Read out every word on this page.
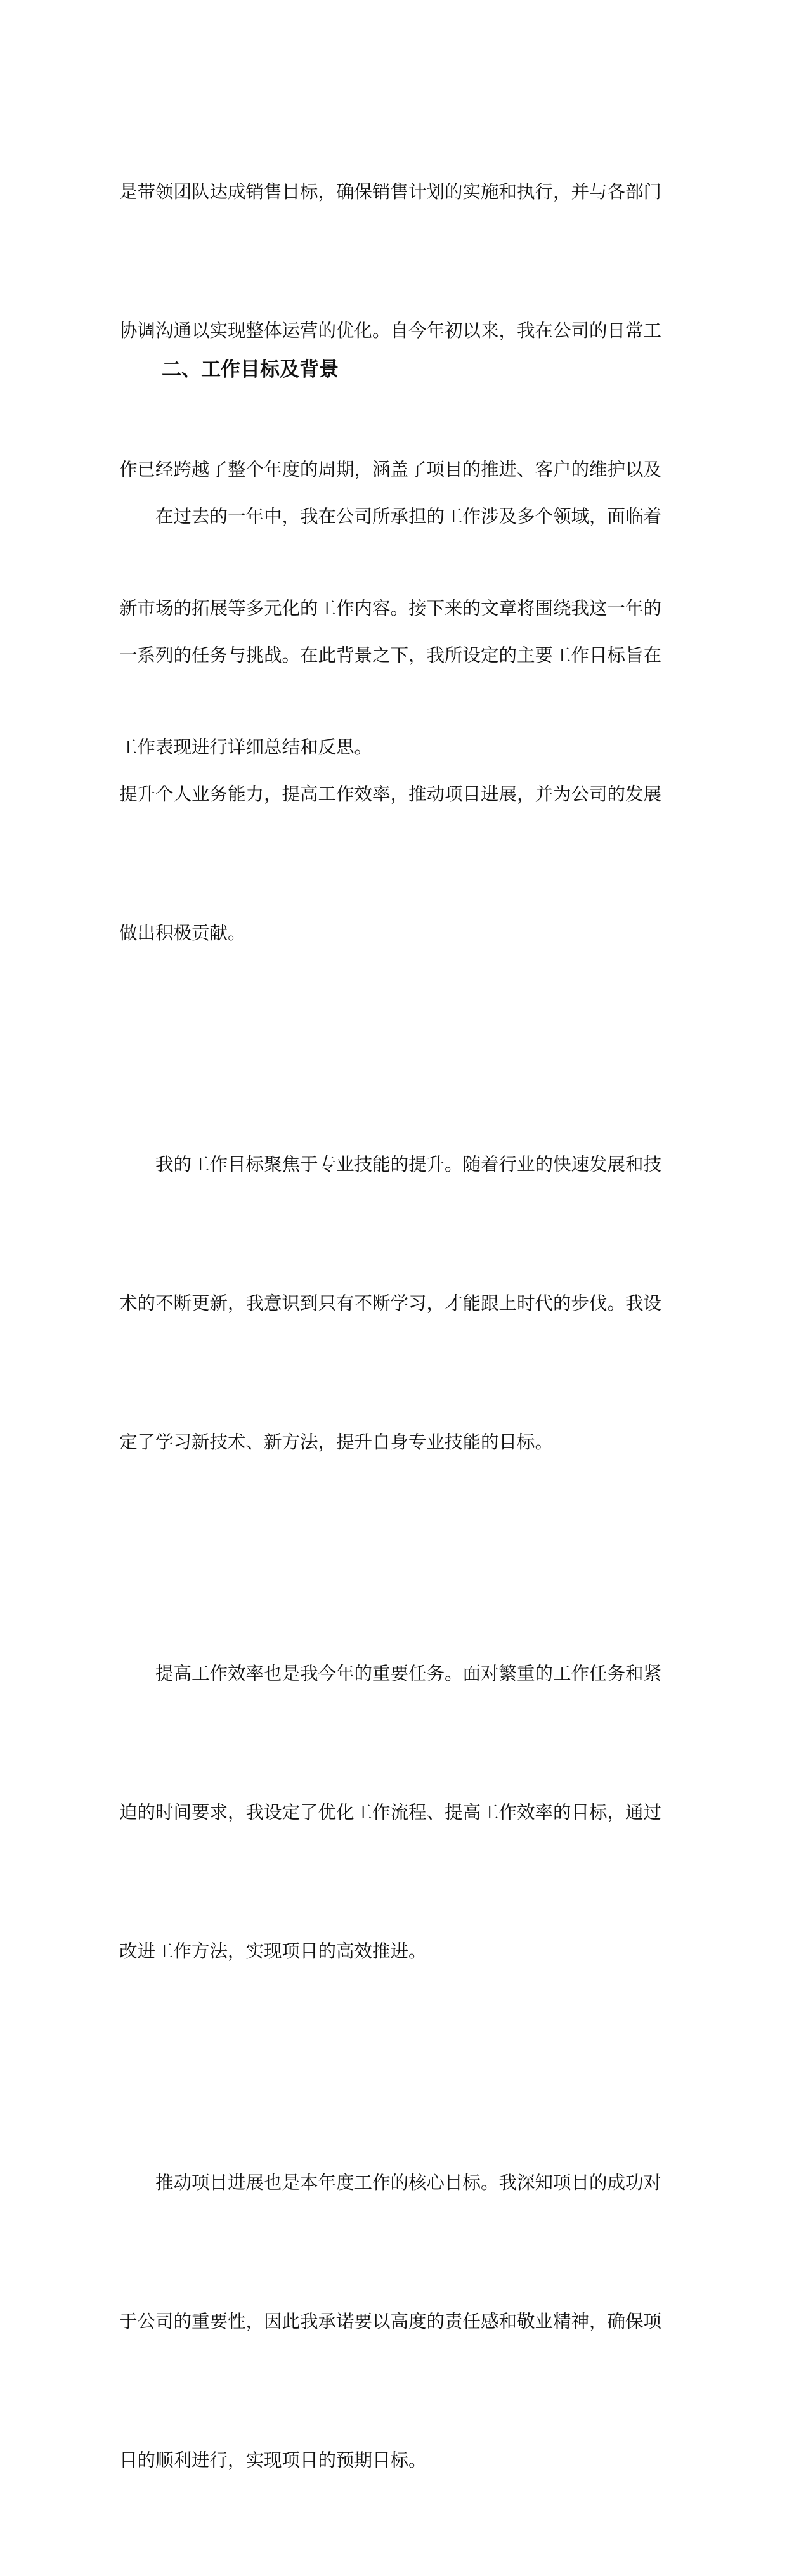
是带领团队达成销售目标，确保销售计划的实施和执行，并与各部门

协调沟通以实现整体运营的优化。自今年初以来，我在公司的日常工

作已经跨越了整个年度的周期，涵盖了项目的推进、客户的维护以及

新市场的拓展等多元化的工作内容。接下来的文章将围绕我这一年的

工作表现进行详细总结和反思。

二、工作目标及背景

在过去的一年中，我在公司所承担的工作涉及多个领域，面临着

一系列的任务与挑战。在此背景之下，我所设定的主要工作目标旨在

提升个人业务能力，提高工作效率，推动项目进展，并为公司的发展

做出积极贡献。

我的工作目标聚焦于专业技能的提升。随着行业的快速发展和技

术的不断更新，我意识到只有不断学习，才能跟上时代的步伐。我设

定了学习新技术、新方法，提升自身专业技能的目标。

提高工作效率也是我今年的重要任务。面对繁重的工作任务和紧

迫的时间要求，我设定了优化工作流程、提高工作效率的目标，通过

改进工作方法，实现项目的高效推进。

推动项目进展也是本年度工作的核心目标。我深知项目的成功对

于公司的重要性，因此我承诺要以高度的责任感和敬业精神，确保项

目的顺利进行，实现项目的预期目标。
